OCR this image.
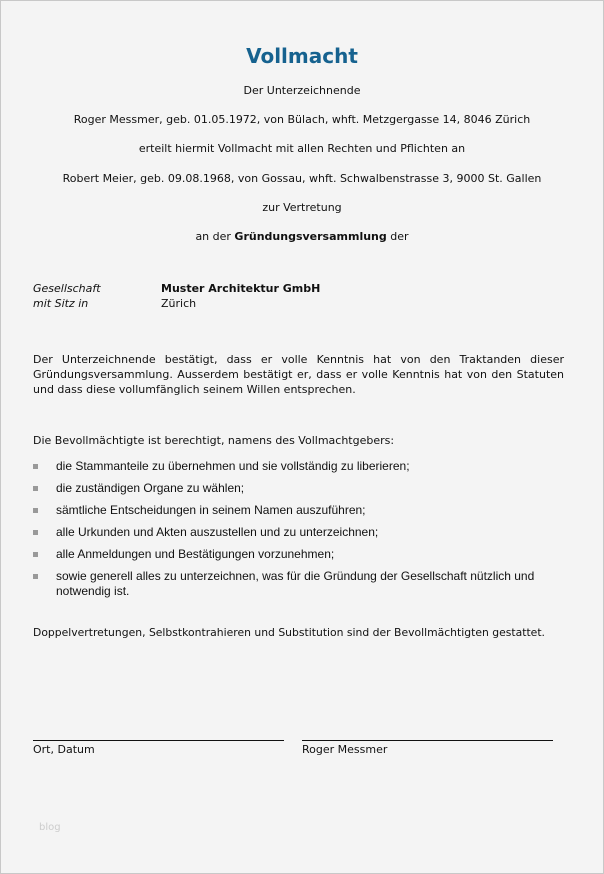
Vollmacht
Der Unterzeichnende
Roger Messmer, geb. 01.05.1972, von Bülach, whft. Metzgergasse 14, 8046 Zürich
erteilt hiermit Vollmacht mit allen Rechten und Pflichten an
Robert Meier, geb. 09.08.1968, von Gossau, whft. Schwalbenstrasse 3, 9000 St. Gallen
zur Vertretung
an der Gründungsversammlung der
Gesellschaft	Muster Architektur GmbH
mit Sitz in	Zürich
Der Unterzeichnende bestätigt, dass er volle Kenntnis hat von den Traktanden dieser Gründungsversammlung. Ausserdem bestätigt er, dass er volle Kenntnis hat von den Statuten und dass diese vollumfänglich seinem Willen entsprechen.
Die Bevollmächtigte ist berechtigt, namens des Vollmachtgebers:
die Stammanteile zu übernehmen und sie vollständig zu liberieren;
die zuständigen Organe zu wählen;
sämtliche Entscheidungen in seinem Namen auszuführen;
alle Urkunden und Akten auszustellen und zu unterzeichnen;
alle Anmeldungen und Bestätigungen vorzunehmen;
sowie generell alles zu unterzeichnen, was für die Gründung der Gesellschaft nützlich und notwendig ist.
Doppelvertretungen, Selbstkontrahieren und Substitution sind der Bevollmächtigten gestattet.
Ort, Datum	Roger Messmer
blog
